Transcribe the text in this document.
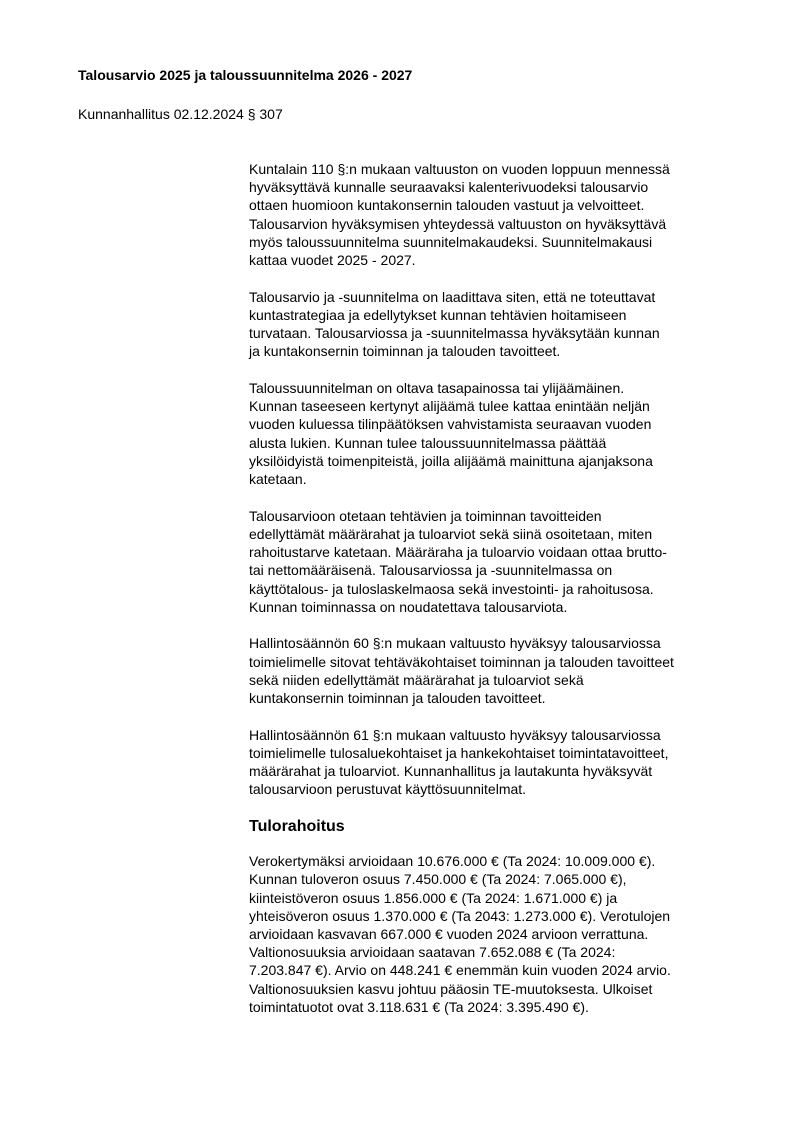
Talousarvio 2025 ja taloussuunnitelma 2026 - 2027

Kunnanhallitus 02.12.2024 § 307

Kuntalain 110 §:n mukaan valtuuston on vuoden loppuun mennessä
hyväksyttävä kunnalle seuraavaksi kalenterivuodeksi talousarvio
ottaen huomioon kuntakonsernin talouden vastuut ja velvoitteet.
Talousarvion hyväksymisen yhteydessä valtuuston on hyväksyttävä
myös taloussuunnitelma suunnitelmakaudeksi. Suunnitelmakausi
kattaa vuodet 2025 - 2027.

Talousarvio ja -suunnitelma on laadittava siten, että ne toteuttavat
kuntastrategiaa ja edellytykset kunnan tehtävien hoitamiseen
turvataan. Talousarviossa ja -suunnitelmassa hyväksytään kunnan
ja kuntakonsernin toiminnan ja talouden tavoitteet.

Taloussuunnitelman on oltava tasapainossa tai ylijäämäinen.
Kunnan taseeseen kertynyt alijäämä tulee kattaa enintään neljän
vuoden kuluessa tilinpäätöksen vahvistamista seuraavan vuoden
alusta lukien. Kunnan tulee taloussuunnitelmassa päättää
yksilöidyistä toimenpiteistä, joilla alijäämä mainittuna ajanjaksona
katetaan.

Talousarvioon otetaan tehtävien ja toiminnan tavoitteiden
edellyttämät määrärahat ja tuloarviot sekä siinä osoitetaan, miten
rahoitustarve katetaan. Määräraha ja tuloarvio voidaan ottaa brutto-
tai nettomääräisenä. Talousarviossa ja -suunnitelmassa on
käyttötalous- ja tuloslaskelmaosa sekä investointi- ja rahoitusosa.
Kunnan toiminnassa on noudatettava talousarviota.

Hallintosäännön 60 §:n mukaan valtuusto hyväksyy talousarviossa
toimielimelle sitovat tehtäväkohtaiset toiminnan ja talouden tavoitteet
sekä niiden edellyttämät määrärahat ja tuloarviot sekä
kuntakonsernin toiminnan ja talouden tavoitteet.

Hallintosäännön 61 §:n mukaan valtuusto hyväksyy talousarviossa
toimielimelle tulosaluekohtaiset ja hankekohtaiset toimintatavoitteet,
määrärahat ja tuloarviot. Kunnanhallitus ja lautakunta hyväksyvät
talousarvioon perustuvat käyttösuunnitelmat.

Tulorahoitus

Verokertymäksi arvioidaan 10.676.000 € (Ta 2024: 10.009.000 €).
Kunnan tuloveron osuus 7.450.000 € (Ta 2024: 7.065.000 €),
kiinteistöveron osuus 1.856.000 € (Ta 2024: 1.671.000 €) ja
yhteisöveron osuus 1.370.000 € (Ta 2043: 1.273.000 €). Verotulojen
arvioidaan kasvavan 667.000 € vuoden 2024 arvioon verrattuna.
Valtionosuuksia arvioidaan saatavan 7.652.088 € (Ta 2024:
7.203.847 €). Arvio on 448.241 € enemmän kuin vuoden 2024 arvio.
Valtionosuuksien kasvu johtuu pääosin TE-muutoksesta. Ulkoiset
toimintatuotot ovat 3.118.631 € (Ta 2024: 3.395.490 €).
